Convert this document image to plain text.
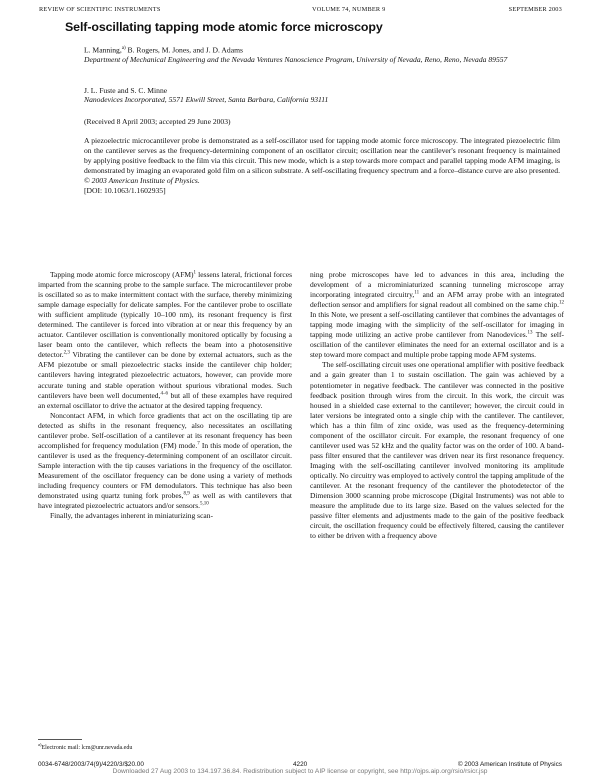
REVIEW OF SCIENTIFIC INSTRUMENTS	VOLUME 74, NUMBER 9	SEPTEMBER 2003
Self-oscillating tapping mode atomic force microscopy
L. Manning,$^{a)}$ B. Rogers, M. Jones, and J. D. Adams
Department of Mechanical Engineering and the Nevada Ventures Nanoscience Program, University of Nevada, Reno, Reno, Nevada 89557
J. L. Fuste and S. C. Minne
Nanodevices Incorporated, 5571 Ekwill Street, Santa Barbara, California 93111
(Received 8 April 2003; accepted 29 June 2003)
A piezoelectric microcantilever probe is demonstrated as a self-oscillator used for tapping mode atomic force microscopy. The integrated piezoelectric film on the cantilever serves as the frequency-determining component of an oscillator circuit; oscillation near the cantilever's resonant frequency is maintained by applying positive feedback to the film via this circuit. This new mode, which is a step towards more compact and parallel tapping mode AFM imaging, is demonstrated by imaging an evaporated gold film on a silicon substrate. A self-oscillating frequency spectrum and a force–distance curve are also presented. © 2003 American Institute of Physics.
[DOI: 10.1063/1.1602935]

Tapping mode atomic force microscopy (AFM)$^1$ lessens lateral, frictional forces imparted from the scanning probe to the sample surface. The microcantilever probe is oscillated so as to make intermittent contact with the surface, thereby minimizing sample damage especially for delicate samples. For the cantilever probe to oscillate with sufficient amplitude (typically 10–100 nm), its resonant frequency is first determined. The cantilever is forced into vibration at or near this frequency by an actuator. Cantilever oscillation is conventionally monitored optically by focusing a laser beam onto the cantilever, which reflects the beam into a photosensitive detector.$^{2,3}$ Vibrating the cantilever can be done by external actuators, such as the AFM piezotube or small piezoelectric stacks inside the cantilever chip holder; cantilevers having integrated piezoelectric actuators, however, can provide more accurate tuning and stable operation without spurious vibrational modes. Such cantilevers have been well documented,$^{4-6}$ but all of these examples have required an external oscillator to drive the actuator at the desired tapping frequency.

Noncontact AFM, in which force gradients that act on the oscillating tip are detected as shifts in the resonant frequency, also necessitates an oscillating cantilever probe. Self-oscillation of a cantilever at its resonant frequency has been accomplished for frequency modulation (FM) mode.$^7$ In this mode of operation, the cantilever is used as the frequency-determining component of an oscillator circuit. Sample interaction with the tip causes variations in the frequency of the oscillator. Measurement of the oscillator frequency can be done using a variety of methods including frequency counters or FM demodulators. This technique has also been demonstrated using quartz tuning fork probes,$^{8,9}$ as well as with cantilevers that have integrated piezoelectric actuators and/or sensors.$^{5,10}$

Finally, the advantages inherent in miniaturizing scan-

ning probe microscopes have led to advances in this area, including the development of a microminiaturized scanning tunneling microscope array incorporating integrated circuitry,$^{11}$ and an AFM array probe with an integrated deflection sensor and amplifiers for signal readout all combined on the same chip.$^{12}$ In this Note, we present a self-oscillating cantilever that combines the advantages of tapping mode imaging with the simplicity of the self-oscillator for imaging in tapping mode utilizing an active probe cantilever from Nanodevices.$^{13}$ The self-oscillation of the cantilever eliminates the need for an external oscillator and is a step toward more compact and multiple probe tapping mode AFM systems.

The self-oscillating circuit uses one operational amplifier with positive feedback and a gain greater than 1 to sustain oscillation. The gain was achieved by a potentiometer in negative feedback. The cantilever was connected in the positive feedback position through wires from the circuit. In this work, the circuit was housed in a shielded case external to the cantilever; however, the circuit could in later versions be integrated onto a single chip with the cantilever. The cantilever, which has a thin film of zinc oxide, was used as the frequency-determining component of the oscillator circuit. For example, the resonant frequency of one cantilever used was 52 kHz and the quality factor was on the order of 100. A band-pass filter ensured that the cantilever was driven near its first resonance frequency. Imaging with the self-oscillating cantilever involved monitoring its amplitude optically. No circuitry was employed to actively control the tapping amplitude of the cantilever. At the resonant frequency of the cantilever the photodetector of the Dimension 3000 scanning probe microscope (Digital Instruments) was not able to measure the amplitude due to its large size. Based on the values selected for the passive filter elements and adjustments made to the gain of the positive feedback circuit, the oscillation frequency could be effectively filtered, causing the cantilever to either be driven with a frequency above

$^{a)}$Electronic mail: lcm@unr.nevada.edu
0034-6748/2003/74(9)/4220/3/$20.00	4220	© 2003 American Institute of Physics
Downloaded 27 Aug 2003 to 134.197.36.84. Redistribution subject to AIP license or copyright, see http://ojps.aip.org/rsio/rsicr.jsp
